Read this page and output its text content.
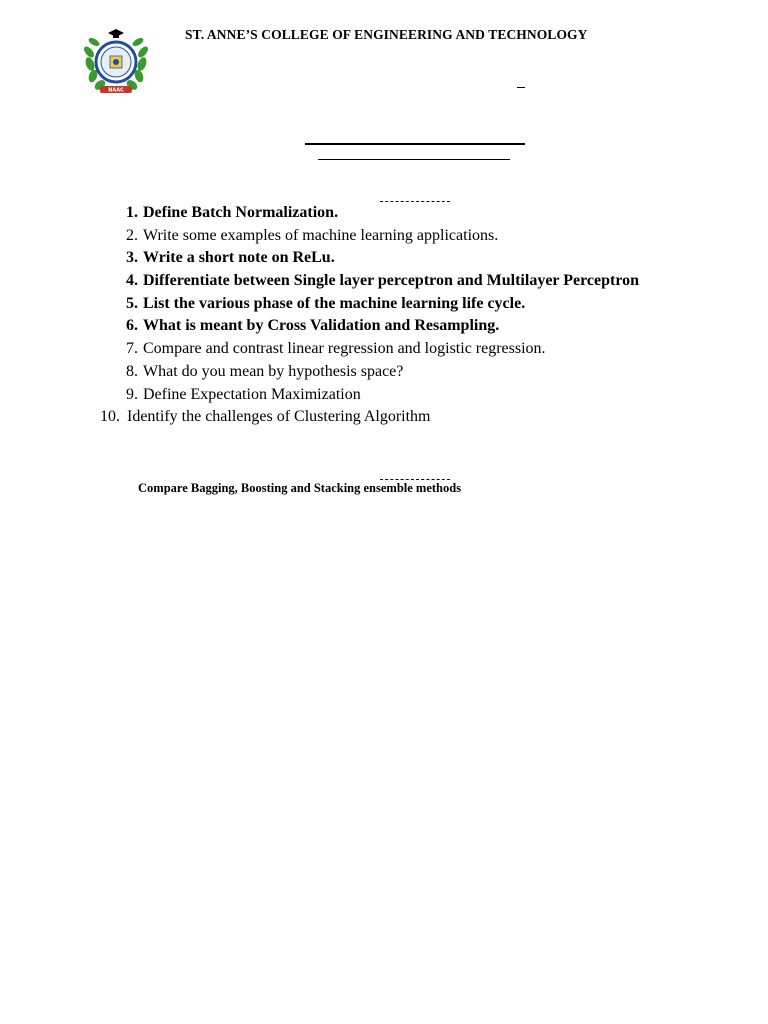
NAAC
ST. ANNE’S COLLEGE OF ENGINEERING AND TECHNOLOGY
1. Define Batch Normalization.
2. Write some examples of machine learning applications.
3. Write a short note on ReLu.
4. Differentiate between Single layer perceptron and Multilayer Perceptron
5. List the various phase of the machine learning life cycle.
6. What is meant by Cross Validation and Resampling.
7. Compare and contrast linear regression and logistic regression.
8. What do you mean by hypothesis space?
9. Define Expectation Maximization
10. Identify the challenges of Clustering Algorithm
Compare Bagging, Boosting and Stacking ensemble methods
